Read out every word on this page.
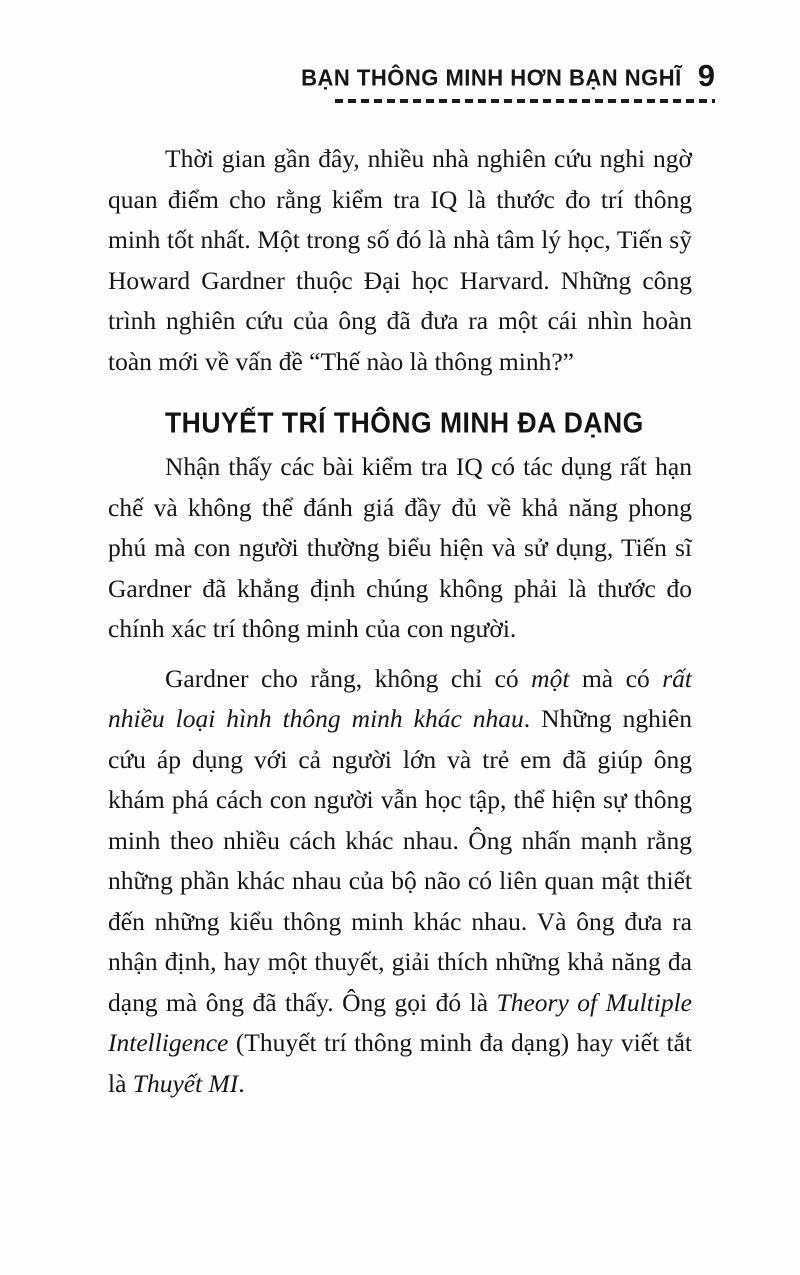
BẠN THÔNG MINH HƠN BẠN NGHĨ 9

Thời gian gần đây, nhiều nhà nghiên cứu nghi ngờ quan điểm cho rằng kiểm tra IQ là thước đo trí thông minh tốt nhất. Một trong số đó là nhà tâm lý học, Tiến sỹ Howard Gardner thuộc Đại học Harvard. Những công trình nghiên cứu của ông đã đưa ra một cái nhìn hoàn toàn mới về vấn đề “Thế nào là thông minh?”

THUYẾT TRÍ THÔNG MINH ĐA DẠNG

Nhận thấy các bài kiểm tra IQ có tác dụng rất hạn chế và không thể đánh giá đầy đủ về khả năng phong phú mà con người thường biểu hiện và sử dụng, Tiến sĩ Gardner đã khẳng định chúng không phải là thước đo chính xác trí thông minh của con người.

Gardner cho rằng, không chỉ có một mà có rất nhiều loại hình thông minh khác nhau. Những nghiên cứu áp dụng với cả người lớn và trẻ em đã giúp ông khám phá cách con người vẫn học tập, thể hiện sự thông minh theo nhiều cách khác nhau. Ông nhấn mạnh rằng những phần khác nhau của bộ não có liên quan mật thiết đến những kiểu thông minh khác nhau. Và ông đưa ra nhận định, hay một thuyết, giải thích những khả năng đa dạng mà ông đã thấy. Ông gọi đó là Theory of Multiple Intelligence (Thuyết trí thông minh đa dạng) hay viết tắt là Thuyết MI.
